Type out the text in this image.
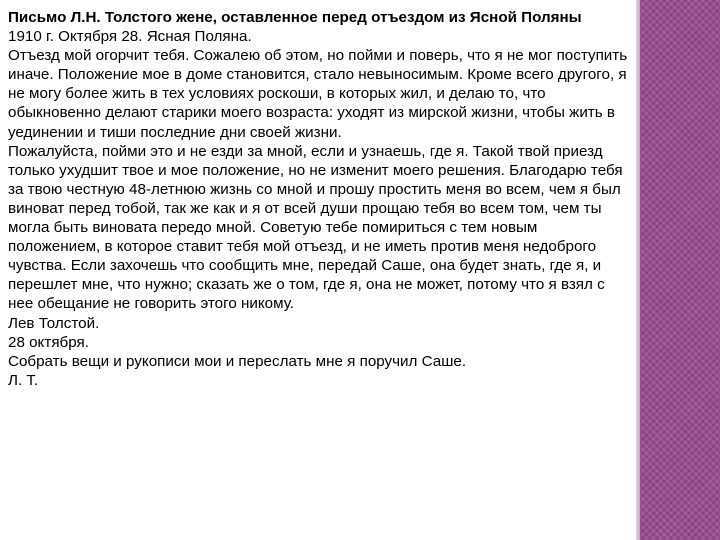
Письмо Л.Н. Толстого жене, оставленное перед отъездом из Ясной Поляны

1910 г. Октября 28. Ясная Поляна.

Отъезд мой огорчит тебя. Сожалею об этом, но пойми и поверь, что я не мог поступить иначе. Положение мое в доме становится, стало невыносимым. Кроме всего другого, я не могу более жить в тех условиях роскоши, в которых жил, и делаю то, что обыкновенно делают старики моего возраста: уходят из мирской жизни, чтобы жить в уединении и тиши последние дни своей жизни.

Пожалуйста, пойми это и не езди за мной, если и узнаешь, где я. Такой твой приезд только ухудшит твое и мое положение, но не изменит моего решения. Благодарю тебя за твою честную 48-летнюю жизнь со мной и прошу простить меня во всем, чем я был виноват перед тобой, так же как и я от всей души прощаю тебя во всем том, чем ты могла быть виновата передо мной. Советую тебе помириться с тем новым положением, в которое ставит тебя мой отъезд, и не иметь против меня недоброго чувства. Если захочешь что сообщить мне, передай Саше, она будет знать, где я, и перешлет мне, что нужно; сказать же о том, где я, она не может, потому что я взял с нее обещание не говорить этого никому.

Лев Толстой.

28 октября.

Собрать вещи и рукописи мои и переслать мне я поручил Саше.

Л. Т.
